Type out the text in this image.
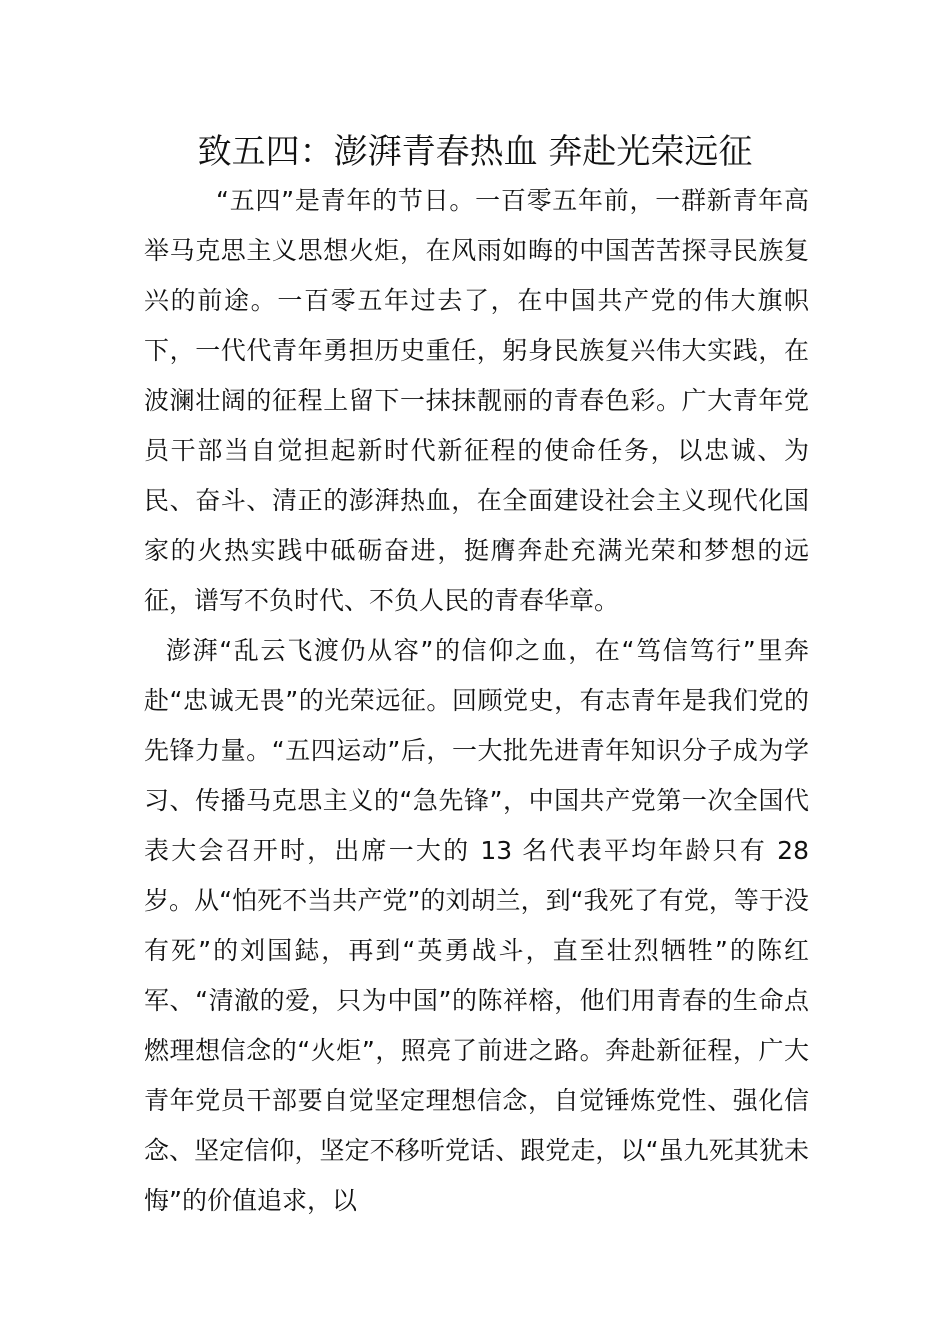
致五四：澎湃青春热血 奔赴光荣远征

“五四”是青年的节日。一百零五年前，一群新青年高举马克思主义思想火炬，在风雨如晦的中国苦苦探寻民族复兴的前途。一百零五年过去了，在中国共产党的伟大旗帜下，一代代青年勇担历史重任，躬身民族复兴伟大实践，在波澜壮阔的征程上留下一抹抹靓丽的青春色彩。广大青年党员干部当自觉担起新时代新征程的使命任务，以忠诚、为民、奋斗、清正的澎湃热血，在全面建设社会主义现代化国家的火热实践中砥砺奋进，挺膺奔赴充满光荣和梦想的远征，谱写不负时代、不负人民的青春华章。

澎湃“乱云飞渡仍从容”的信仰之血，在“笃信笃行”里奔赴“忠诚无畏”的光荣远征。回顾党史，有志青年是我们党的先锋力量。“五四运动”后，一大批先进青年知识分子成为学习、传播马克思主义的“急先锋”，中国共产党第一次全国代表大会召开时，出席一大的 13 名代表平均年龄只有 28 岁。从“怕死不当共产党”的刘胡兰，到“我死了有党，等于没有死”的刘国鋕，再到“英勇战斗，直至壮烈牺牲”的陈红军、“清澈的爱，只为中国”的陈祥榕，他们用青春的生命点燃理想信念的“火炬”，照亮了前进之路。奔赴新征程，广大青年党员干部要自觉坚定理想信念，自觉锤炼党性、强化信念、坚定信仰，坚定不移听党话、跟党走，以“虽九死其犹未悔”的价值追求，以
